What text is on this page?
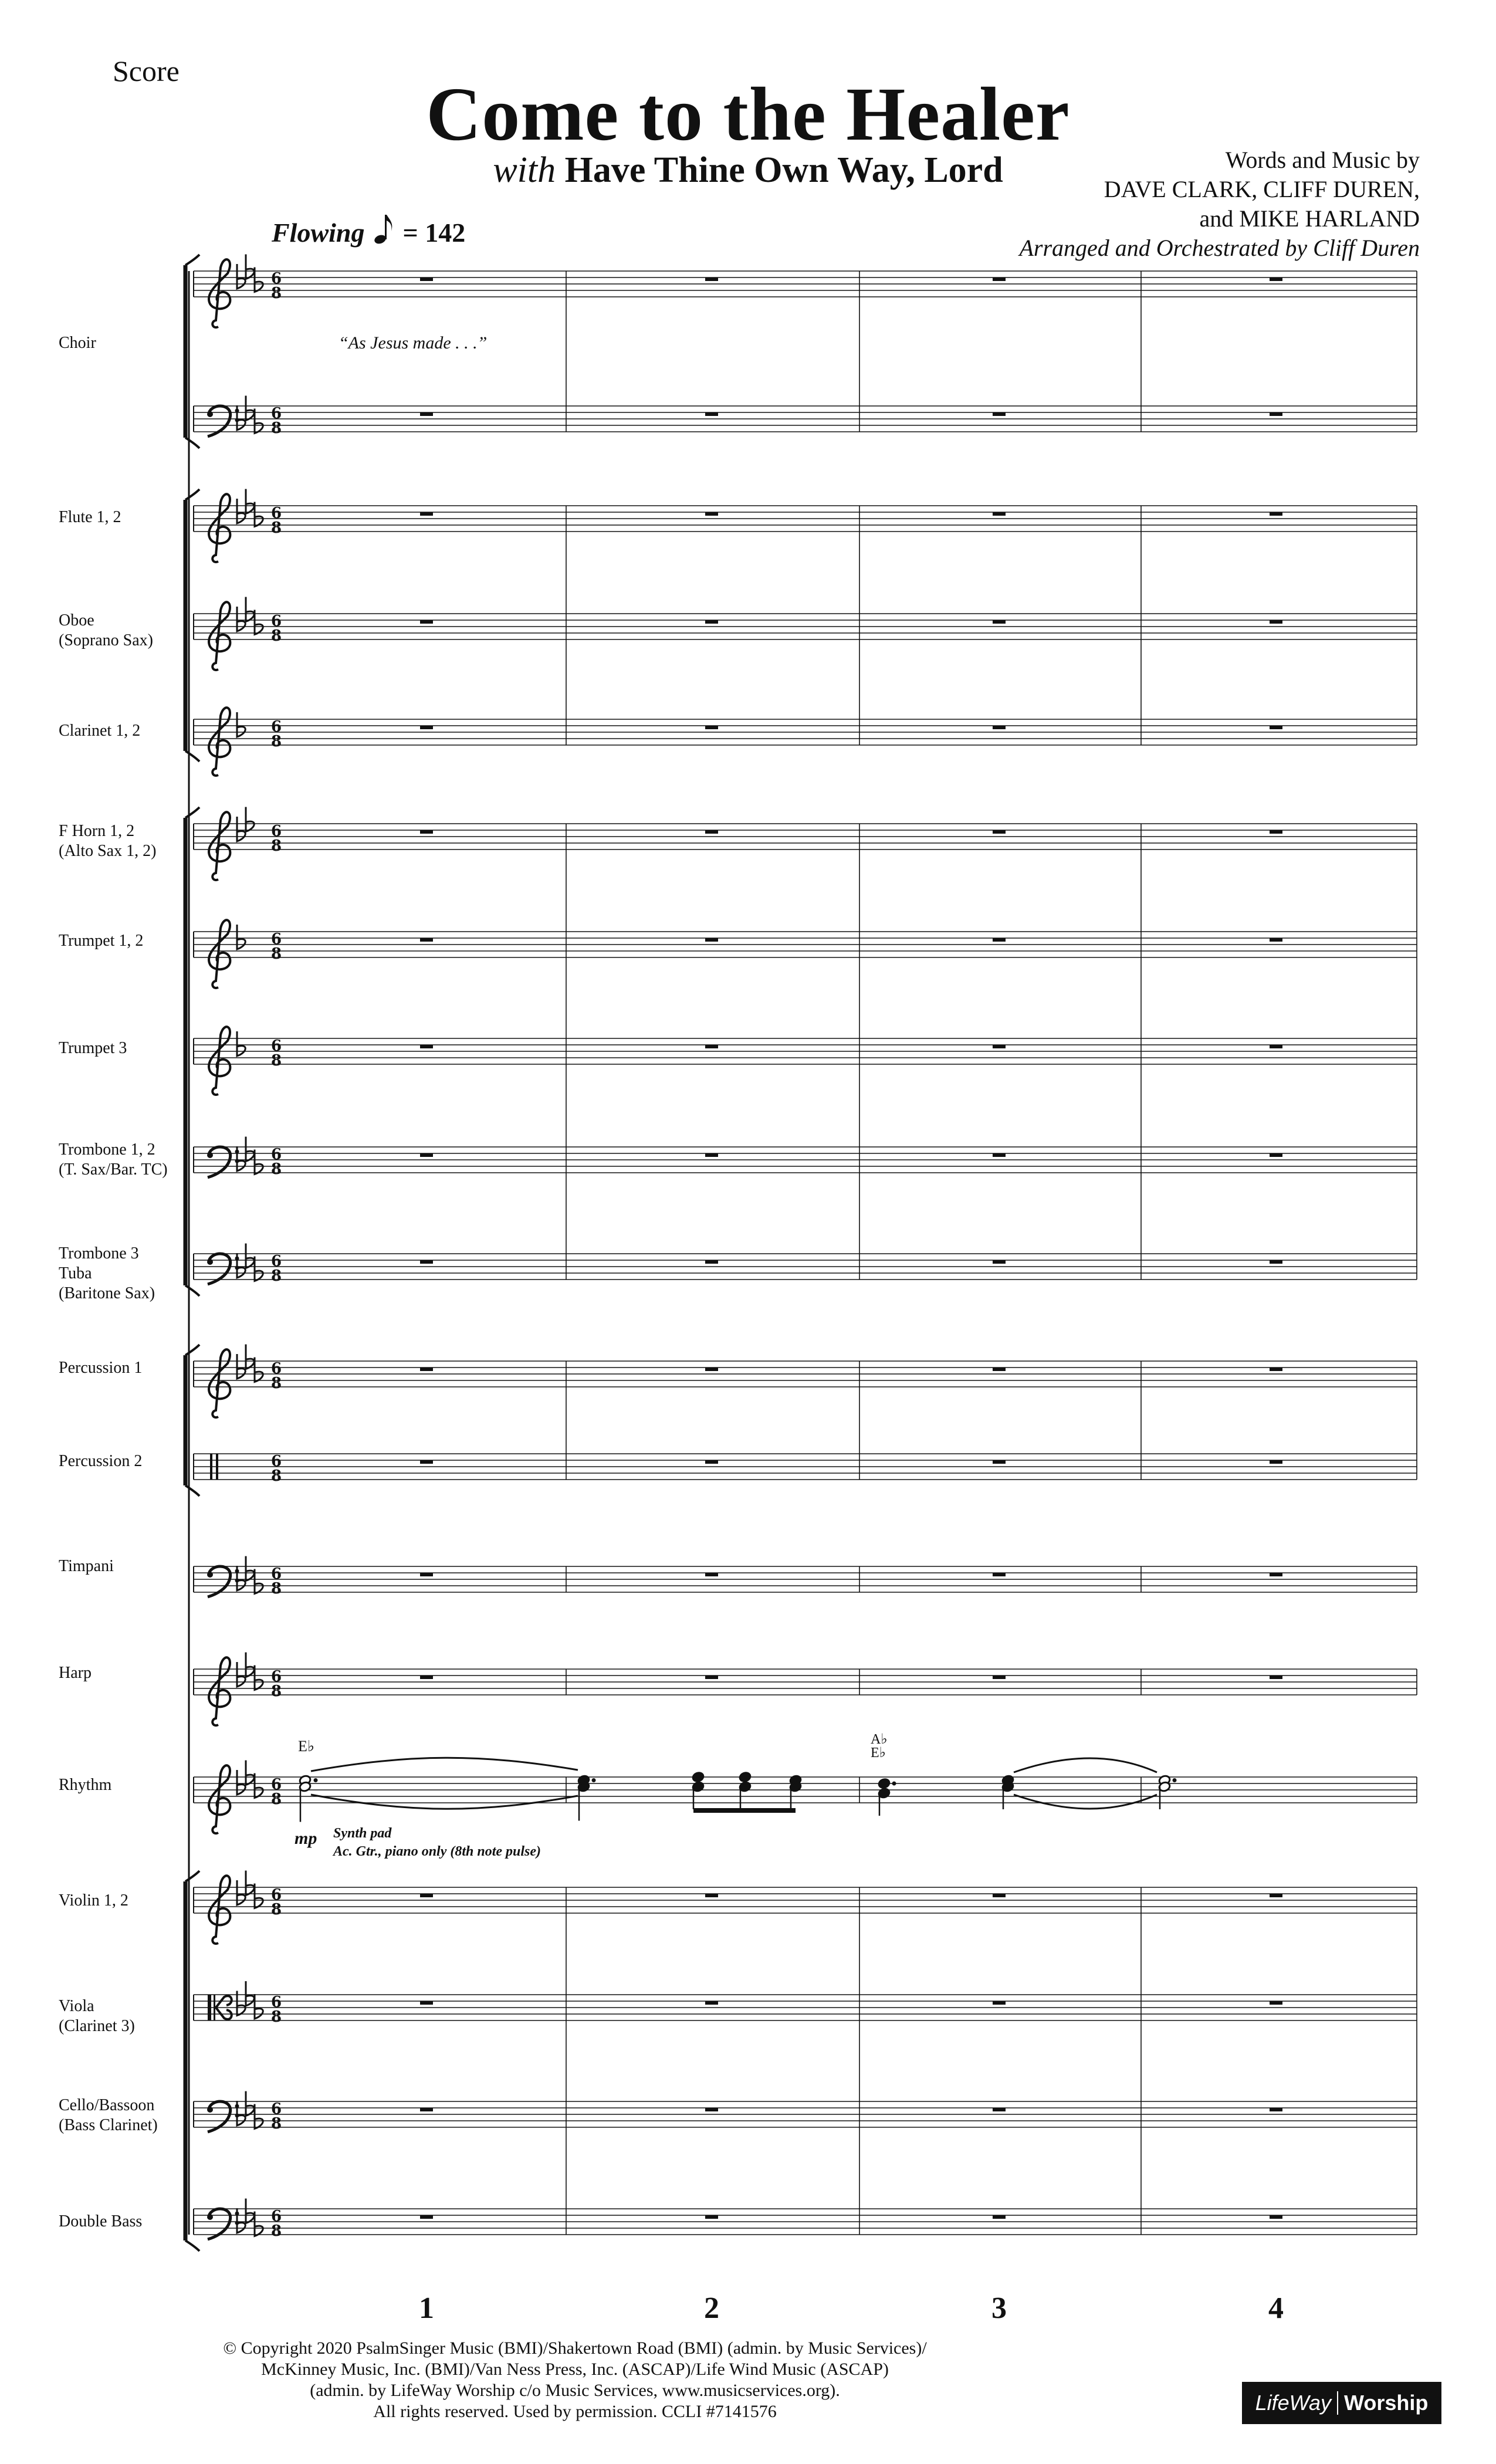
Score
Come to the Healer
with Have Thine Own Way, Lord	Words and Music by
DAVE CLARK, CLIFF DUREN,
and MIKE HARLAND
Arranged and Orchestrated by Cliff Duren
Flowing = 142
Choir
Flute 1, 2
Oboe
(Soprano Sax)
Clarinet 1, 2
F Horn 1, 2
(Alto Sax 1, 2)
Trumpet 1, 2
Trumpet 3
Trombone 1, 2
(T. Sax/Bar. TC)
Trombone 3
Tuba
(Baritone Sax)
Percussion 1
Percussion 2
Timpani
Harp
Rhythm
Violin 1, 2
Viola
(Clarinet 3)
Cello/Bassoon
(Bass Clarinet)
Double Bass
6
8
6
8
6
8
6
8
6
8
6
8
6
8
6
8
6
8
6
8
6
8
6
8
6
8
6
8
6
8
6
8
6
8
6
8
6
8
“As Jesus made . . .”
E♭	A♭
E♭
mp Synth pad
Ac. Gtr., piano only (8th note pulse)
1	2	3	4
© Copyright 2020 PsalmSinger Music (BMI)/Shakertown Road (BMI) (admin. by Music Services)/
McKinney Music, Inc. (BMI)/Van Ness Press, Inc. (ASCAP)/Life Wind Music (ASCAP)
(admin. by LifeWay Worship c/o Music Services, www.musicservices.org).
All rights reserved. Used by permission. CCLI #7141576	LifeWay Worship
